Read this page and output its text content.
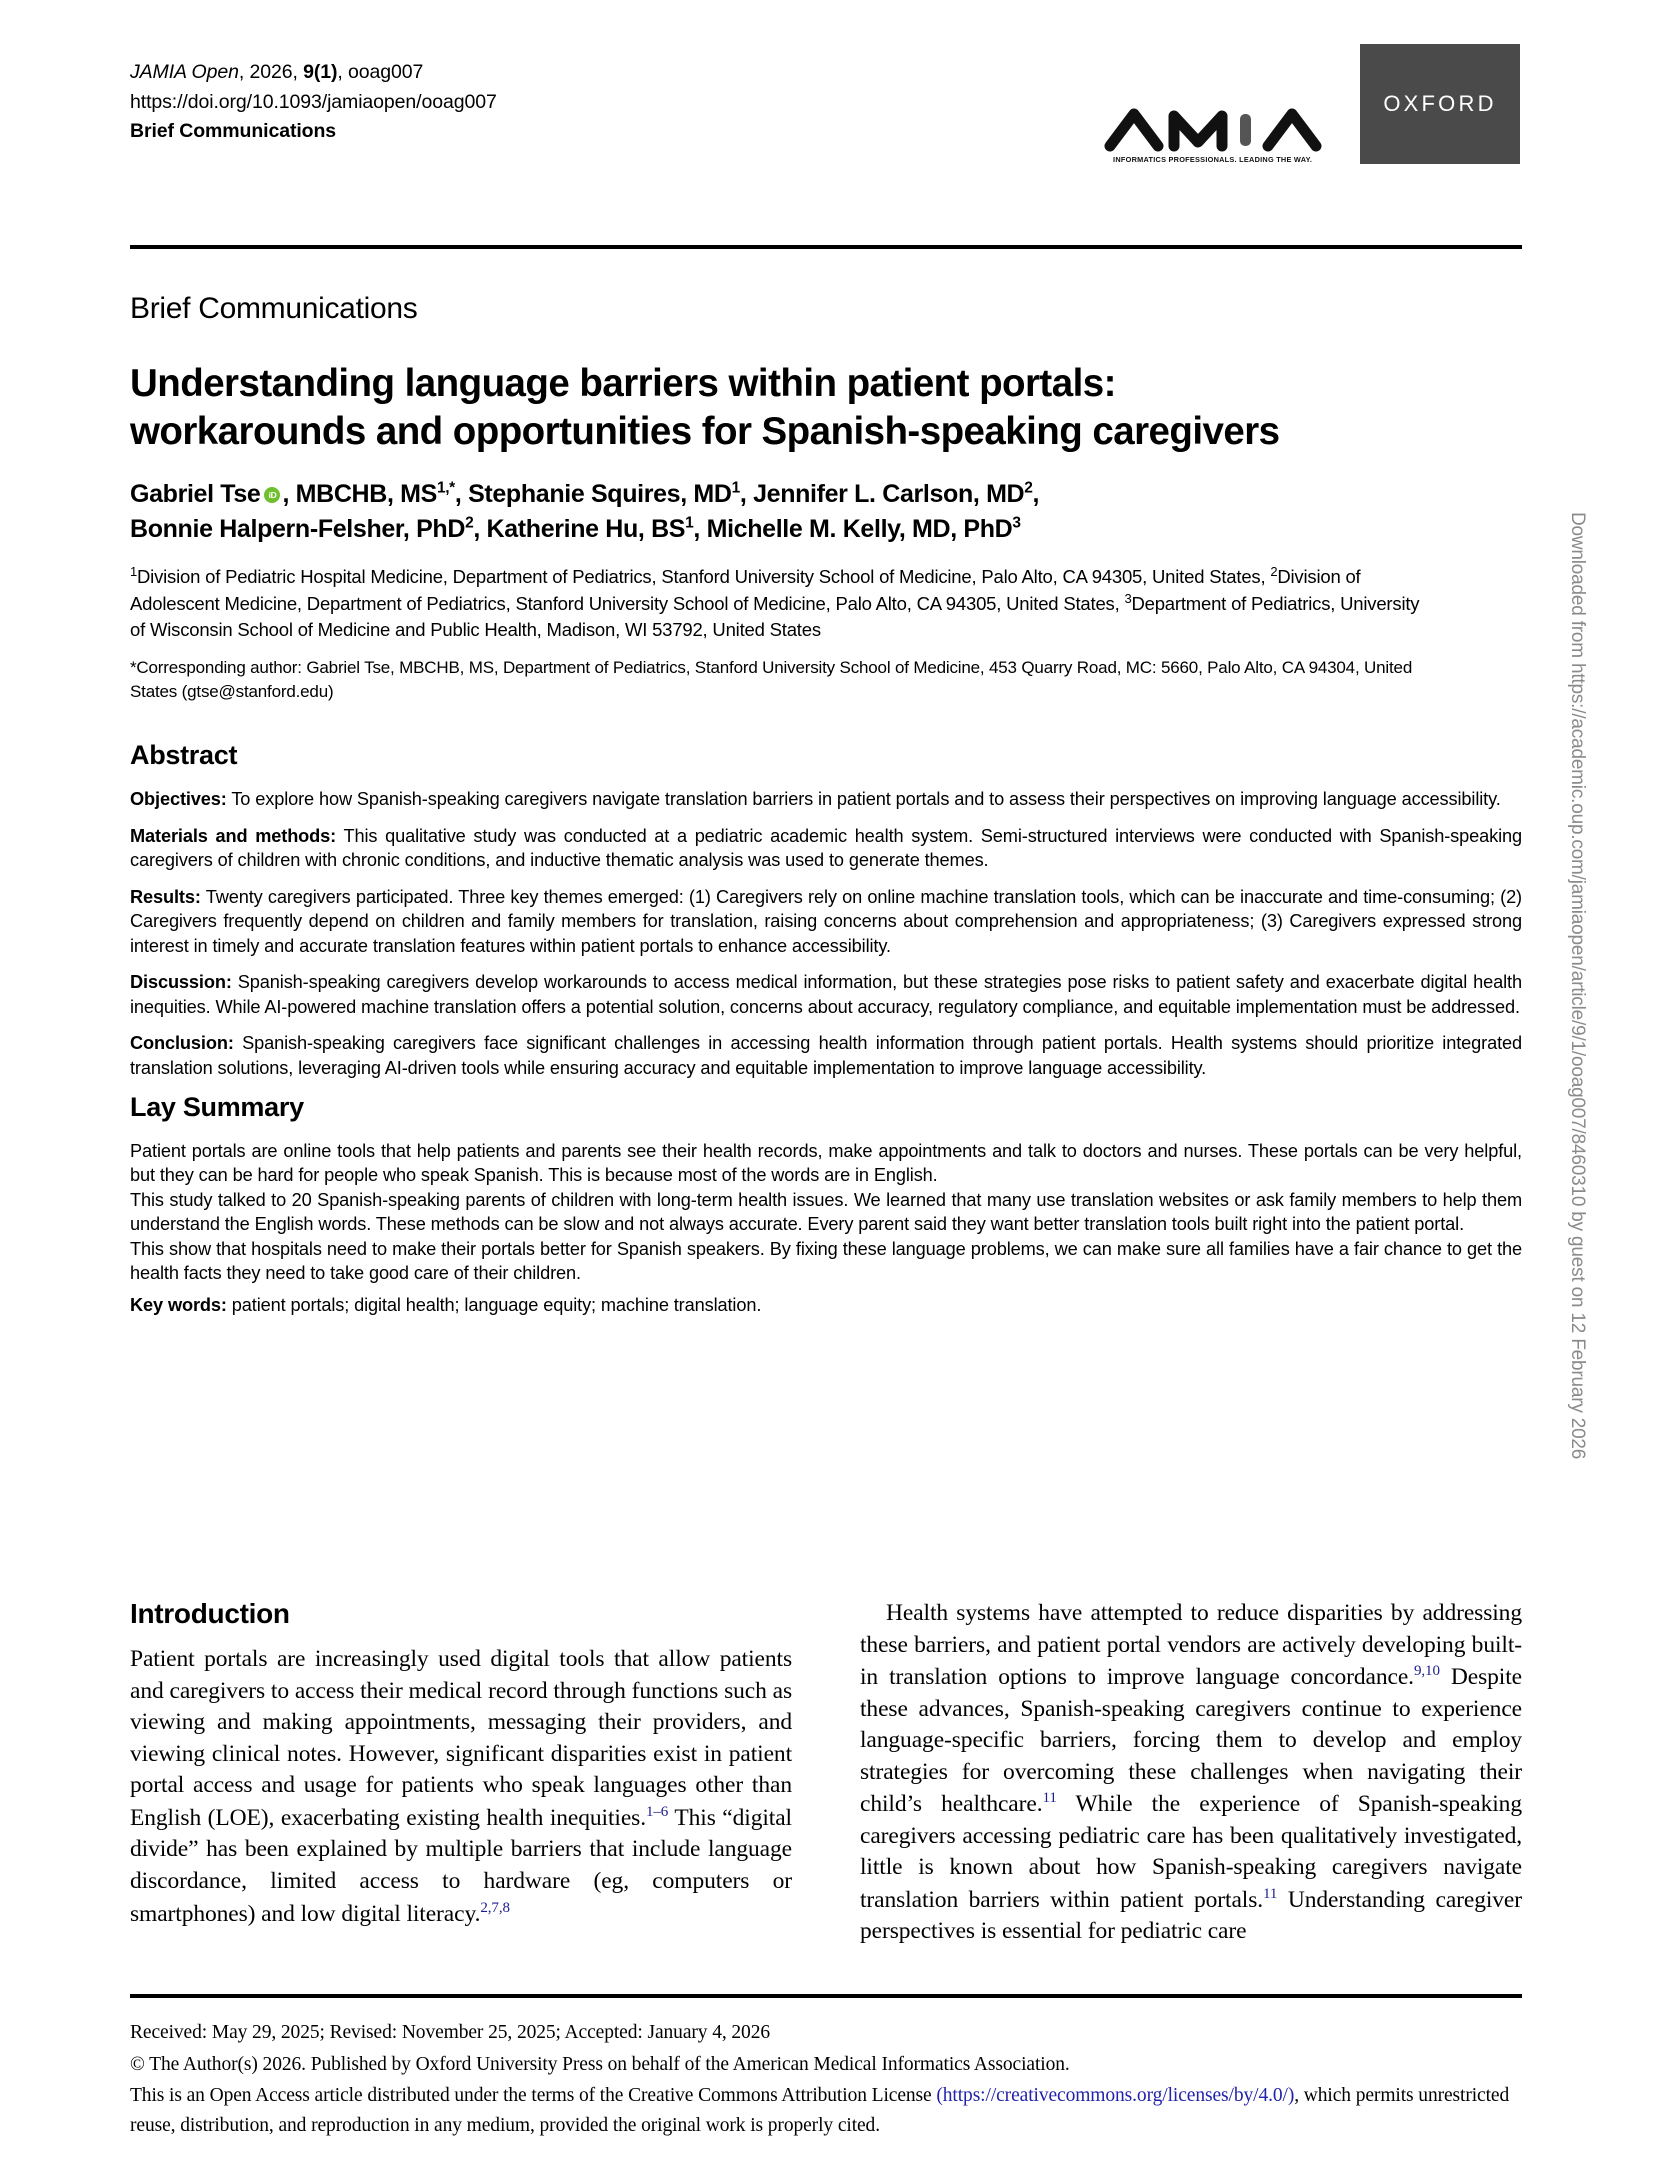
JAMIA Open, 2026, 9(1), ooag007
https://doi.org/10.1093/jamiaopen/ooag007
Brief Communications
INFORMATICS PROFESSIONALS. LEADING THE WAY.
OXFORD
Brief Communications
Understanding language barriers within patient portals: workarounds and opportunities for Spanish-speaking caregivers
Gabriel Tse iD , MBCHB, $MS^{1,*}$, Stephanie Squires, $MD^1$, Jennifer L. Carlson, $MD^2$,
Bonnie Halpern-Felsher, PhD$^2$, Katherine Hu, $BS^1$, Michelle M. Kelly, MD, PhD$^3$
$^1$Division of Pediatric Hospital Medicine, Department of Pediatrics, Stanford University School of Medicine, Palo Alto, CA 94305, United States, $^2$Division of Adolescent Medicine, Department of Pediatrics, Stanford University School of Medicine, Palo Alto, CA 94305, United States, $^3$Department of Pediatrics, University of Wisconsin School of Medicine and Public Health, Madison, WI 53792, United States
*Corresponding author: Gabriel Tse, MBCHB, MS, Department of Pediatrics, Stanford University School of Medicine, 453 Quarry Road, MC: 5660, Palo Alto, CA 94304, United States (gtse@stanford.edu)
Abstract

Objectives: To explore how Spanish-speaking caregivers navigate translation barriers in patient portals and to assess their perspectives on improving language accessibility.

Materials and methods: This qualitative study was conducted at a pediatric academic health system. Semi-structured interviews were conducted with Spanish-speaking caregivers of children with chronic conditions, and inductive thematic analysis was used to generate themes.

Results: Twenty caregivers participated. Three key themes emerged: (1) Caregivers rely on online machine translation tools, which can be inaccurate and time-consuming; (2) Caregivers frequently depend on children and family members for translation, raising concerns about comprehension and appropriateness; (3) Caregivers expressed strong interest in timely and accurate translation features within patient portals to enhance accessibility.

Discussion: Spanish-speaking caregivers develop workarounds to access medical information, but these strategies pose risks to patient safety and exacerbate digital health inequities. While AI-powered machine translation offers a potential solution, concerns about accuracy, regulatory compliance, and equitable implementation must be addressed.

Conclusion: Spanish-speaking caregivers face significant challenges in accessing health information through patient portals. Health systems should prioritize integrated translation solutions, leveraging AI-driven tools while ensuring accuracy and equitable implementation to improve language accessibility.

Lay Summary

Patient portals are online tools that help patients and parents see their health records, make appointments and talk to doctors and nurses. These portals can be very helpful, but they can be hard for people who speak Spanish. This is because most of the words are in English.

This study talked to 20 Spanish-speaking parents of children with long-term health issues. We learned that many use translation websites or ask family members to help them understand the English words. These methods can be slow and not always accurate. Every parent said they want better translation tools built right into the patient portal.

This show that hospitals need to make their portals better for Spanish speakers. By fixing these language problems, we can make sure all families have a fair chance to get the health facts they need to take good care of their children.

Key words: patient portals; digital health; language equity; machine translation.

Introduction

Patient portals are increasingly used digital tools that allow patients and caregivers to access their medical record through functions such as viewing and making appointments, messaging their providers, and viewing clinical notes. However, significant disparities exist in patient portal access and usage for patients who speak languages other than English (LOE), exacerbating existing health inequities.$^{1-6}$ This “digital divide” has been explained by multiple barriers that include language discordance, limited access to hardware (eg, computers or smartphones) and low digital literacy.$^{2,7,8}$

Health systems have attempted to reduce disparities by addressing these barriers, and patient portal vendors are actively developing built-in translation options to improve language concordance.$^{9,10}$ Despite these advances, Spanish-speaking caregivers continue to experience language-specific barriers, forcing them to develop and employ strategies for overcoming these challenges when navigating their child’s healthcare.$^{11}$ While the experience of Spanish-speaking caregivers accessing pediatric care has been qualitatively investigated, little is known about how Spanish-speaking caregivers navigate translation barriers within patient portals.$^{11}$ Understanding caregiver perspectives is essential for pediatric care

Received: May 29, 2025; Revised: November 25, 2025; Accepted: January 4, 2026
© The Author(s) 2026. Published by Oxford University Press on behalf of the American Medical Informatics Association.
This is an Open Access article distributed under the terms of the Creative Commons Attribution License (https://creativecommons.org/licenses/by/4.0/), which permits unrestricted reuse, distribution, and reproduction in any medium, provided the original work is properly cited.
Downloaded from https://academic.oup.com/jamiaopen/article/9/1/ooag007/8460310 by guest on 12 February 2026
